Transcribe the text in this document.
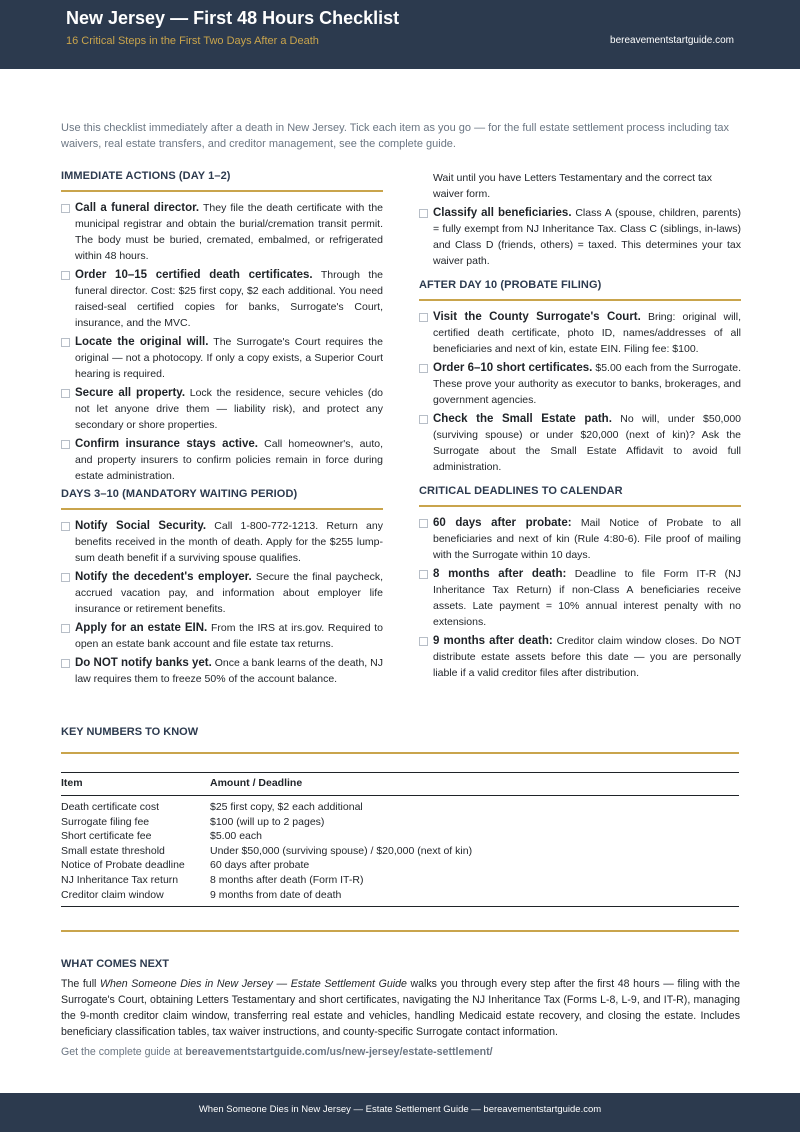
New Jersey — First 48 Hours Checklist
16 Critical Steps in the First Two Days After a Death	bereavementstartguide.com
Use this checklist immediately after a death in New Jersey. Tick each item as you go — for the full estate settlement process including tax waivers, real estate transfers, and creditor management, see the complete guide.
IMMEDIATE ACTIONS (DAY 1–2)
Call a funeral director. They file the death certificate with the municipal registrar and obtain the burial/cremation transit permit. The body must be buried, cremated, embalmed, or refrigerated within 48 hours.
Order 10–15 certified death certificates. Through the funeral director. Cost: $25 first copy, $2 each additional. You need raised-seal certified copies for banks, Surrogate's Court, insurance, and the MVC.
Locate the original will. The Surrogate's Court requires the original — not a photocopy. If only a copy exists, a Superior Court hearing is required.
Secure all property. Lock the residence, secure vehicles (do not let anyone drive them — liability risk), and protect any secondary or shore properties.
Confirm insurance stays active. Call homeowner's, auto, and property insurers to confirm policies remain in force during estate administration.
DAYS 3–10 (MANDATORY WAITING PERIOD)
Notify Social Security. Call 1-800-772-1213. Return any benefits received in the month of death. Apply for the $255 lump-sum death benefit if a surviving spouse qualifies.
Notify the decedent's employer. Secure the final paycheck, accrued vacation pay, and information about employer life insurance or retirement benefits.
Apply for an estate EIN. From the IRS at irs.gov. Required to open an estate bank account and file estate tax returns.
Do NOT notify banks yet. Once a bank learns of the death, NJ law requires them to freeze 50% of the account balance.
Wait until you have Letters Testamentary and the correct tax waiver form.
Classify all beneficiaries. Class A (spouse, children, parents) = fully exempt from NJ Inheritance Tax. Class C (siblings, in-laws) and Class D (friends, others) = taxed. This determines your tax waiver path.
AFTER DAY 10 (PROBATE FILING)
Visit the County Surrogate's Court. Bring: original will, certified death certificate, photo ID, names/addresses of all beneficiaries and next of kin, estate EIN. Filing fee: $100.
Order 6–10 short certificates. $5.00 each from the Surrogate. These prove your authority as executor to banks, brokerages, and government agencies.
Check the Small Estate path. No will, under $50,000 (surviving spouse) or under $20,000 (next of kin)? Ask the Surrogate about the Small Estate Affidavit to avoid full administration.
CRITICAL DEADLINES TO CALENDAR
60 days after probate: Mail Notice of Probate to all beneficiaries and next of kin (Rule 4:80-6). File proof of mailing with the Surrogate within 10 days.
8 months after death: Deadline to file Form IT-R (NJ Inheritance Tax Return) if non-Class A beneficiaries receive assets. Late payment = 10% annual interest penalty with no extensions.
9 months after death: Creditor claim window closes. Do NOT distribute estate assets before this date — you are personally liable if a valid creditor files after distribution.
KEY NUMBERS TO KNOW
Item	Amount / Deadline
Death certificate cost	$25 first copy, $2 each additional
Surrogate filing fee	$100 (will up to 2 pages)
Short certificate fee	$5.00 each
Small estate threshold	Under $50,000 (surviving spouse) / $20,000 (next of kin)
Notice of Probate deadline	60 days after probate
NJ Inheritance Tax return	8 months after death (Form IT-R)
Creditor claim window	9 months from date of death
WHAT COMES NEXT
The full When Someone Dies in New Jersey — Estate Settlement Guide walks you through every step after the first 48 hours — filing with the Surrogate's Court, obtaining Letters Testamentary and short certificates, navigating the NJ Inheritance Tax (Forms L-8, L-9, and IT-R), managing the 9-month creditor claim window, transferring real estate and vehicles, handling Medicaid estate recovery, and closing the estate. Includes beneficiary classification tables, tax waiver instructions, and county-specific Surrogate contact information.
Get the complete guide at bereavementstartguide.com/us/new-jersey/estate-settlement/
When Someone Dies in New Jersey — Estate Settlement Guide — bereavementstartguide.com
